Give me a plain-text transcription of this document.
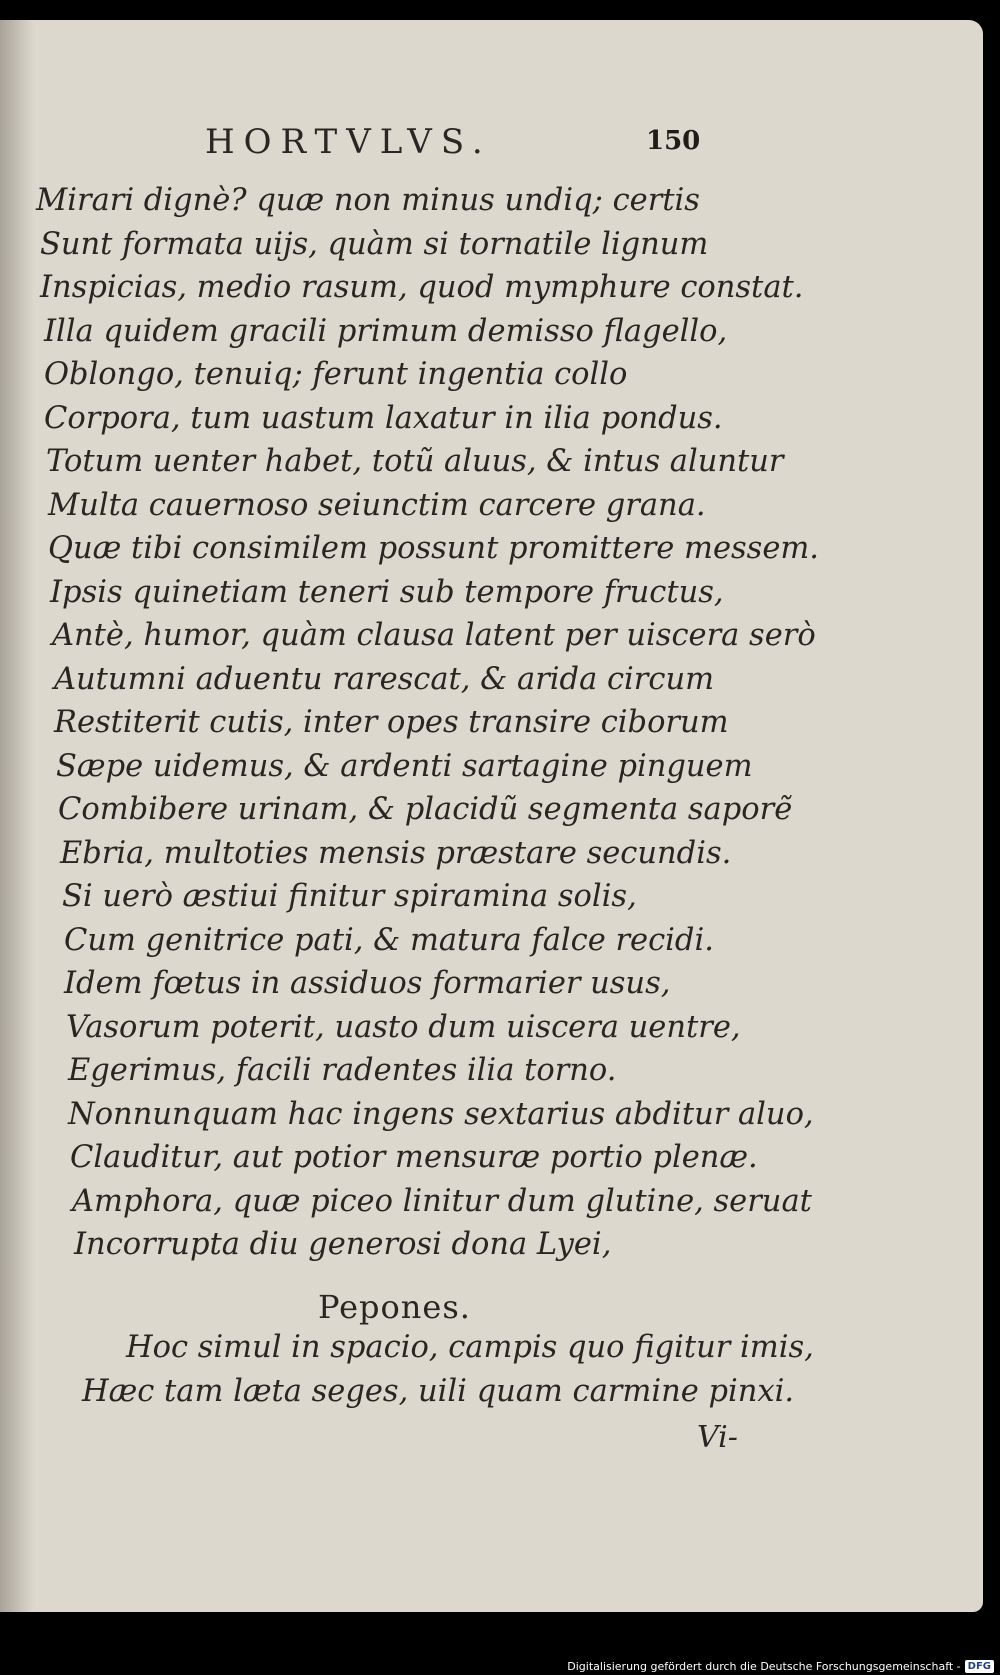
HORTVLVS.	150
Mirari dignè? quæ non minus undiq; certis
Sunt formata uijs, quàm si tornatile lignum
Inspicias, medio rasum, quod mymphure constat.
Illa quidem gracili primum demisso flagello,
Oblongo, tenuiq; ferunt ingentia collo
Corpora, tum uastum laxatur in ilia pondus.
Totum uenter habet, totũ aluus, & intus aluntur
Multa cauernoso seiunctim carcere grana.
Quæ tibi consimilem possunt promittere messem.
Ipsis quinetiam teneri sub tempore fructus,
Antè, humor, quàm clausa latent per uiscera serò
Autumni aduentu rarescat, & arida circum
Restiterit cutis, inter opes transire ciborum
Sæpe uidemus, & ardenti sartagine pinguem
Combibere urinam, & placidũ segmenta saporẽ
Ebria, multoties mensis præstare secundis.
Si uerò æstiui finitur spiramina solis,
Cum genitrice pati, & matura falce recidi.
Idem fœtus in assiduos formarier usus,
Vasorum poterit, uasto dum uiscera uentre,
Egerimus, facili radentes ilia torno.
Nonnunquam hac ingens sextarius abditur aluo,
Clauditur, aut potior mensuræ portio plenæ.
Amphora, quæ piceo linitur dum glutine, seruat
Incorrupta diu generosi dona Lyei,
Pepones.
Hoc simul in spacio, campis quo figitur imis,
Hæc tam læta seges, uili quam carmine pinxi.
Vi-
Digitalisierung gefördert durch die Deutsche Forschungsgemeinschaft - DFG
